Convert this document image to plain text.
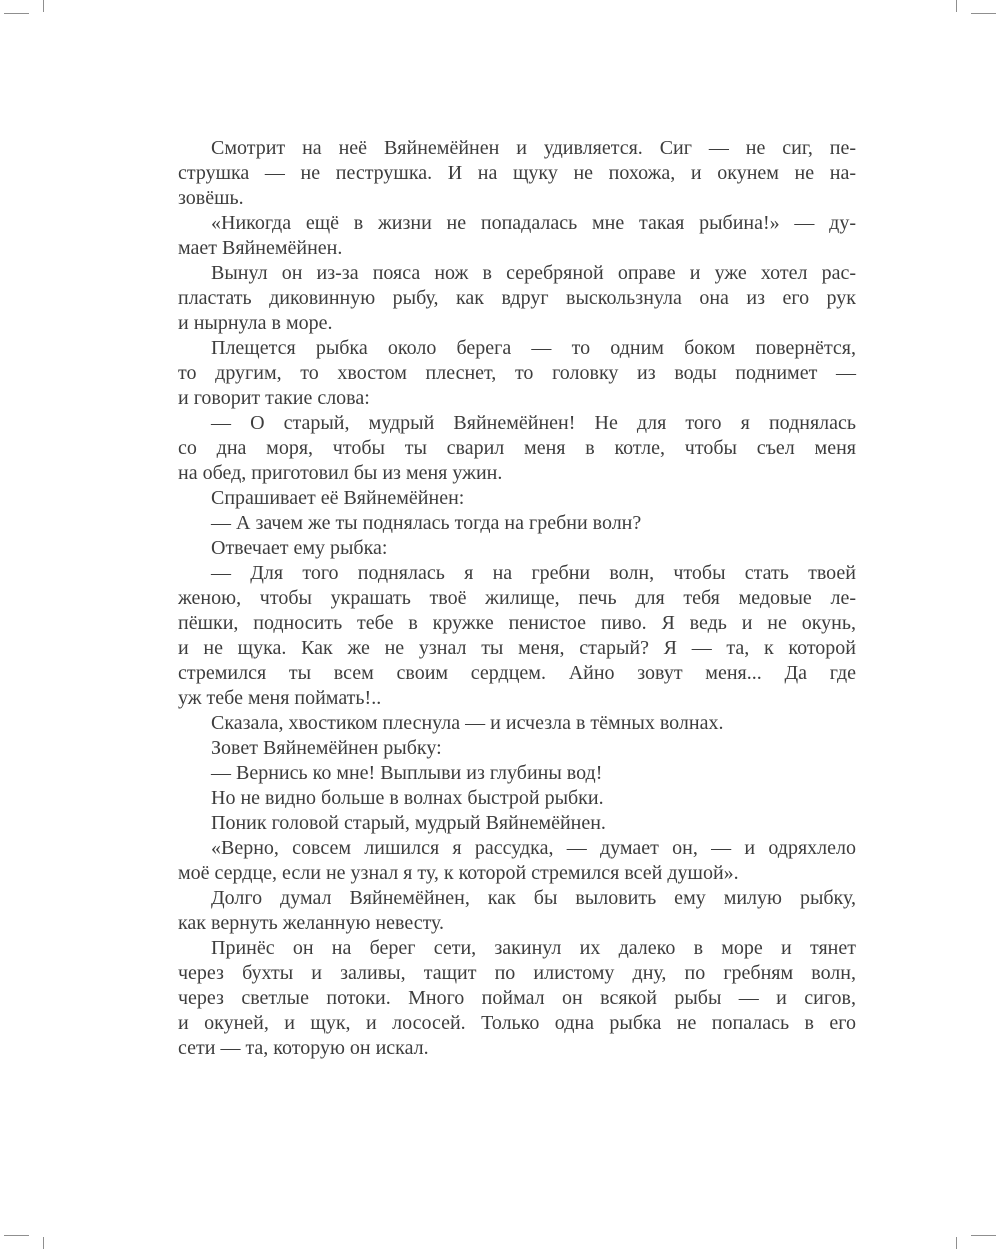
Смотрит на неё Вяйнемёйнен и удивляется. Сиг — не сиг, пе-
струшка — не пеструшка. И на щуку не похожа, и окунем не на-
зовёшь.

«Никогда ещё в жизни не попадалась мне такая рыбина!» — ду-
мает Вяйнемёйнен.

Вынул он из-за пояса нож в серебряной оправе и уже хотел рас-
пластать диковинную рыбу, как вдруг выскользнула она из его рук
и нырнула в море.

Плещется рыбка около берега — то одним боком повернётся,
то другим, то хвостом плеснет, то головку из воды поднимет —
и говорит такие слова:

— О старый, мудрый Вяйнемёйнен! Не для того я поднялась
со дна моря, чтобы ты сварил меня в котле, чтобы съел меня
на обед, приготовил бы из меня ужин.

Спрашивает её Вяйнемёйнен:

— А зачем же ты поднялась тогда на гребни волн?

Отвечает ему рыбка:

— Для того поднялась я на гребни волн, чтобы стать твоей
женою, чтобы украшать твоё жилище, печь для тебя медовые ле-
пёшки, подносить тебе в кружке пенистое пиво. Я ведь и не окунь,
и не щука. Как же не узнал ты меня, старый? Я — та, к которой
стремился ты всем своим сердцем. Айно зовут меня... Да где
уж тебе меня поймать!..

Сказала, хвостиком плеснула — и исчезла в тёмных волнах.

Зовет Вяйнемёйнен рыбку:

— Вернись ко мне! Выплыви из глубины вод!

Но не видно больше в волнах быстрой рыбки.

Поник головой старый, мудрый Вяйнемёйнен.

«Верно, совсем лишился я рассудка, — думает он, — и одряхлело
моё сердце, если не узнал я ту, к которой стремился всей душой».

Долго думал Вяйнемёйнен, как бы выловить ему милую рыбку,
как вернуть желанную невесту.

Принёс он на берег сети, закинул их далеко в море и тянет
через бухты и заливы, тащит по илистому дну, по гребням волн,
через светлые потоки. Много поймал он всякой рыбы — и сигов,
и окуней, и щук, и лососей. Только одна рыбка не попалась в его
сети — та, которую он искал.
